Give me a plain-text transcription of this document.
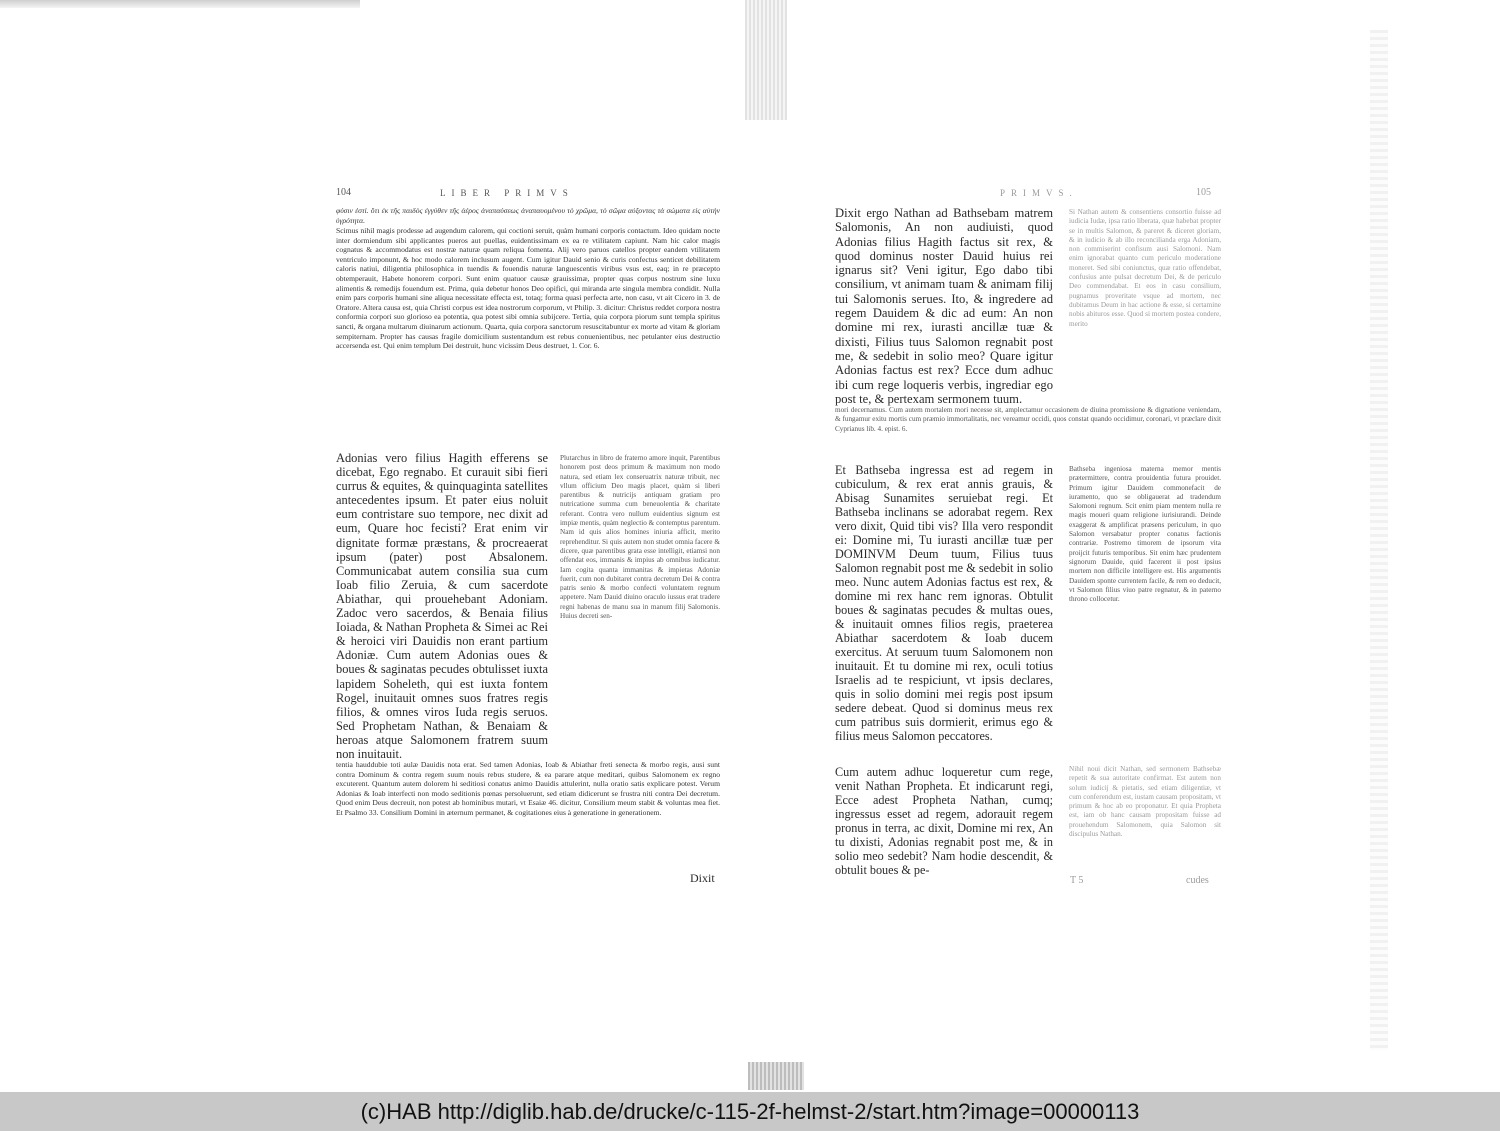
104	LIBER PRIMVS
φύσιν ἐστὶ. ὅτι ἐκ τῆς παιδὸς ἐγγύθεν τῆς ἀέρος ἀναπαύσεως ἀναπαυομένου τὸ χρῶμα, τὸ σῶμα αὐξοντας τὰ σώματα εἰς αὐτὴν ὑγρότητα.
Scimus nihil magis prodesse ad augendum calorem, qui coctioni seruit, quàm humani corporis contactum. Ideo quidam nocte inter dormiendum sibi applicantes pueros aut puellas, euidentissimam ex ea re vtilitatem capiunt. Nam hic calor magis cognatus & accommodatus est nostræ naturæ quam reliqua fomenta. Alij vero paruos catellos propter eandem vtilitatem ventriculo imponunt, & hoc modo calorem inclusum augent. Cum igitur Dauid senio & curis confectus senticet debilitatem caloris natiui, diligentia philosophica in tuendis & fouendis naturæ languescentis viribus vsus est, eaq; in re præcepto obtemperauit, Habete honorem corpori. Sunt enim quatuor causæ grauissimæ, propter quas corpus nostrum sine luxu alimentis & remedijs fouendum est. Prima, quia debetur honos Deo opifici, qui miranda arte singula membra condidit. Nulla enim pars corporis humani sine aliqua necessitate effecta est, totaq; forma quasi perfecta arte, non casu, vt ait Cicero in 3. de Oratore. Altera causa est, quia Christi corpus est idea nostrorum corporum, vt Philip. 3. dicitur: Christus reddet corpora nostra conformia corpori suo glorioso ea potentia, qua potest sibi omnia subijcere. Tertia, quia corpora piorum sunt templa spiritus sancti, & organa multarum diuinarum actionum. Quarta, quia corpora sanctorum resuscitabuntur ex morte ad vitam & gloriam sempiternam. Propter has causas fragile domicilium sustentandum est rebus conuenientibus, nec petulanter eius destructio accersenda est. Qui enim templum Dei destruit, hunc vicissim Deus destruet, 1. Cor. 6.
Adonias vero filius Hagith efferens se dicebat, Ego regnabo. Et curauit sibi fieri currus & equites, & quinquaginta satellites antecedentes ipsum. Et pater eius noluit eum contristare suo tempore, nec dixit ad eum, Quare hoc fecisti? Erat enim vir dignitate formæ præstans, & procreaerat ipsum (pater) post Absalonem. Communicabat autem consilia sua cum Ioab filio Zeruia, & cum sacerdote Abiathar, qui prouehebant Adoniam. Zadoc vero sacerdos, & Benaia filius Ioiada, & Nathan Propheta & Simei ac Rei & heroici viri Dauidis non erant partium Adoniæ. Cum autem Adonias oues & boues & saginatas pecudes obtulisset iuxta lapidem Soheleth, qui est iuxta fontem Rogel, inuitauit omnes suos fratres regis filios, & omnes viros Iuda regis seruos. Sed Prophetam Nathan, & Benaiam & heroas atque Salomonem fratrem suum non inuitauit.
Plutarchus in libro de fraterno amore inquit, Parentibus honorem post deos primum & maximum non modo natura, sed etiam lex conseruatrix naturæ tribuit, nec vllum officium Deo magis placet, quàm si liberi parentibus & nutricijs antiquam gratiam pro nutricatione summa cum beneuolentia & charitate referant. Contra vero nullum euidentius signum est impiæ mentis, quàm neglectio & contemptus parentum. Nam id quis alios homines iniuria afficit, merito reprehenditur. Si quis autem non studet omnia facere & dicere, quæ parentibus grata esse intelligit, etiamsi non offendat eos, immanis & impius ab omnibus iudicatur. Iam cogita quanta immanitas & impietas Adoniæ fuerit, cum non dubitaret contra decretum Dei & contra patris senio & morbo confecti voluntatem regnum appetere. Nam Dauid diuino oraculo iussus erat tradere regni habenas de manu sua in manum filij Salomonis. Huius decreti sen-
tentia hauddubie toti aulæ Dauidis nota erat. Sed tamen Adonias, Ioab & Abiathar freti senecta & morbo regis, ausi sunt contra Dominum & contra regem suum nouis rebus studere, & ea parare atque meditari, quibus Salomonem ex regno excuterent. Quantum autem dolorem hi seditiosi conatus animo Dauidis attulerint, nulla oratio satis explicare potest. Verum Adonias & Ioab interfecti non modo seditionis pœnas persoluerunt, sed etiam didicerunt se frustra niti contra Dei decretum. Quod enim Deus decreuit, non potest ab hominibus mutari, vt Esaiæ 46. dicitur, Consilium meum stabit & voluntas mea fiet. Et Psalmo 33. Consilium Domini in æternum permanet, & cogitationes eius à generatione in generationem.
Dixit
PRIMVS.	105
Dixit ergo Nathan ad Bathsebam matrem Salomonis, An non audiuisti, quod Adonias filius Hagith factus sit rex, & quod dominus noster Dauid huius rei ignarus sit? Veni igitur, Ego dabo tibi consilium, vt animam tuam & animam filij tui Salomonis serues. Ito, & ingredere ad regem Dauidem & dic ad eum: An non domine mi rex, iurasti ancillæ tuæ & dixisti, Filius tuus Salomon regnabit post me, & sedebit in solio meo? Quare igitur Adonias factus est rex? Ecce dum adhuc ibi cum rege loqueris verbis, ingrediar ego post te, & pertexam sermonem tuum.
Si Nathan autem & consentiens consortio fuisse ad iudicia Iudæ, ipsa ratio liberata, quæ habebat propter se in multis Salomon, & pareret & diceret gloriam, & in iudicio & ab illo reconcilianda erga Adoniam, non commiserint confisum ausi Salomoni. Nam enim ignorabat quanto cum periculo moderatione moneret. Sed sibi coniunctus, quæ ratio offendebat, confusius ante pulsat decretum Dei, & de periculo Deo commendabat. Et eos in casu consilium, pugnamus proveritate vsque ad mortem, nec dubitamus Deum in hac actione & esse, si certamine nobis abituros esse. Quod si mortem postea condere, merito
mori decernamus. Cum autem mortalem mori necesse sit, amplectamur occasionem de diuina promissione & dignatione veniendam, & fungamur exitu mortis cum præmio immortalitatis, nec vereamur occidi, quos constat quando occidimur, coronari, vt præclare dixit Cyprianus lib. 4. epist. 6.
Et Bathseba ingressa est ad regem in cubiculum, & rex erat annis grauis, & Abisag Sunamites seruiebat regi. Et Bathseba inclinans se adorabat regem. Rex vero dixit, Quid tibi vis? Illa vero respondit ei: Domine mi, Tu iurasti ancillæ tuæ per DOMINVM Deum tuum, Filius tuus Salomon regnabit post me & sedebit in solio meo. Nunc autem Adonias factus est rex, & domine mi rex hanc rem ignoras. Obtulit boues & saginatas pecudes & multas oues, & inuitauit omnes filios regis, praeterea Abiathar sacerdotem & Ioab ducem exercitus. At seruum tuum Salomonem non inuitauit. Et tu domine mi rex, oculi totius Israelis ad te respiciunt, vt ipsis declares, quis in solio domini mei regis post ipsum sedere debeat. Quod si dominus meus rex cum patribus suis dormierit, erimus ego & filius meus Salomon peccatores.
Bathseba ingeniosa materna memor mentis prætermittere, contra prouidentia futura prouidet. Primum igitur Dauidem commonefacit de iuramento, quo se obligauerat ad tradendum Salomoni regnum. Scit enim piam mentem nulla re magis moueri quam religione iurisiurandi. Deinde exaggerat & amplificat præsens periculum, in quo Salomon versabatur propter conatus factionis contrariæ. Postremo timorem de ipsorum vita proijcit futuris temporibus. Sit enim hæc prudentem signorum Dauide, quid facerent ii post ipsius mortem non difficile intelligere est. His argumentis Dauidem sponte currentem facile, & rem eo deducit, vt Salomon filius viuo patre regnatur, & in paterno throno collocetur.
Cum autem adhuc loqueretur cum rege, venit Nathan Propheta. Et indicarunt regi, Ecce adest Propheta Nathan, cumq; ingressus esset ad regem, adorauit regem pronus in terra, ac dixit, Domine mi rex, An tu dixisti, Adonias regnabit post me, & in solio meo sedebit? Nam hodie descendit, & obtulit boues & pe-
Nihil noui dicit Nathan, sed sermonem Bathsebæ repetit & sua autoritate confirmat. Est autem non solum iudicij & pietatis, sed etiam diligentiæ, vt cum conferendum est, iustam causam propositam, vt primum & hoc ab eo proponatur. Et quia Propheta est, iam ob hanc causam propositam fuisse ad prouehendum Salomonem, quia Salomon sit discipulus Nathan.
T 5	cudes
(c)HAB http://diglib.hab.de/drucke/c-115-2f-helmst-2/start.htm?image=00000113
